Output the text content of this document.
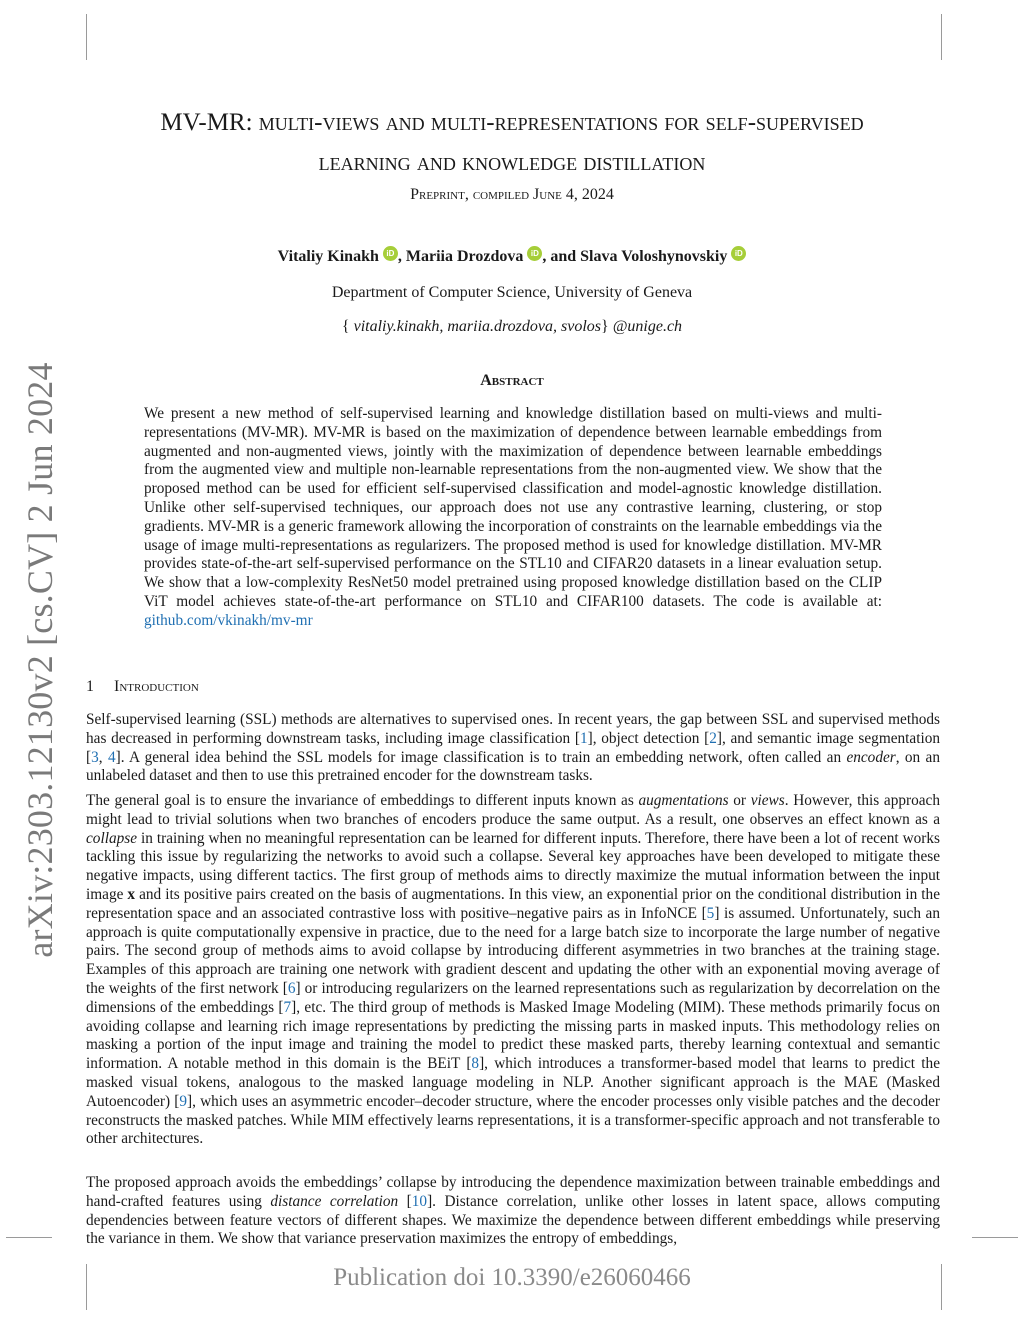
arXiv:2303.12130v2 [cs.CV] 2 Jun 2024
MV-MR: multi-views and multi-representations for self-supervised
learning and knowledge distillation
Preprint, compiled June 4, 2024
Vitaliy Kinakh iD , Mariia Drozdova iD , and Slava Voloshynovskiy iD
Department of Computer Science, University of Geneva
{ vitaliy.kinakh, mariia.drozdova, svolos} @unige.ch
Abstract
We present a new method of self-supervised learning and knowledge distillation based on multi-views and multi-representations (MV-MR). MV-MR is based on the maximization of dependence between learnable embeddings from augmented and non-augmented views, jointly with the maximization of dependence between learnable embeddings from the augmented view and multiple non-learnable representations from the non-augmented view. We show that the proposed method can be used for efficient self-supervised classification and model-agnostic knowledge distillation. Unlike other self-supervised techniques, our approach does not use any contrastive learning, clustering, or stop gradients. MV-MR is a generic framework allowing the incorporation of constraints on the learnable embeddings via the usage of image multi-representations as regularizers. The proposed method is used for knowledge distillation. MV-MR provides state-of-the-art self-supervised performance on the STL10 and CIFAR20 datasets in a linear evaluation setup. We show that a low-complexity ResNet50 model pretrained using proposed knowledge distillation based on the CLIP ViT model achieves state-of-the-art performance on STL10 and CIFAR100 datasets. The code is available at: github.com/vkinakh/mv-mr
1 Introduction

Self-supervised learning (SSL) methods are alternatives to supervised ones. In recent years, the gap between SSL and supervised methods has decreased in performing downstream tasks, including image classification [1], object detection [2], and semantic image segmentation [3, 4]. A general idea behind the SSL models for image classification is to train an embedding network, often called an encoder, on an unlabeled dataset and then to use this pretrained encoder for the downstream tasks.

The general goal is to ensure the invariance of embeddings to different inputs known as augmentations or views. However, this approach might lead to trivial solutions when two branches of encoders produce the same output. As a result, one observes an effect known as a collapse in training when no meaningful representation can be learned for different inputs. Therefore, there have been a lot of recent works tackling this issue by regularizing the networks to avoid such a collapse. Several key approaches have been developed to mitigate these negative impacts, using different tactics. The first group of methods aims to directly maximize the mutual information between the input image x and its positive pairs created on the basis of augmentations. In this view, an exponential prior on the conditional distribution in the representation space and an associated contrastive loss with positive–negative pairs as in InfoNCE [5] is assumed. Unfortunately, such an approach is quite computationally expensive in practice, due to the need for a large batch size to incorporate the large number of negative pairs. The second group of methods aims to avoid collapse by introducing different asymmetries in two branches at the training stage. Examples of this approach are training one network with gradient descent and updating the other with an exponential moving average of the weights of the first network [6] or introducing regularizers on the learned representations such as regularization by decorrelation on the dimensions of the embeddings [7], etc. The third group of methods is Masked Image Modeling (MIM). These methods primarily focus on avoiding collapse and learning rich image representations by predicting the missing parts in masked inputs. This methodology relies on masking a portion of the input image and training the model to predict these masked parts, thereby learning contextual and semantic information. A notable method in this domain is the BEiT [8], which introduces a transformer-based model that learns to predict the masked visual tokens, analogous to the masked language modeling in NLP. Another significant approach is the MAE (Masked Autoencoder) [9], which uses an asymmetric encoder–decoder structure, where the encoder processes only visible patches and the decoder reconstructs the masked patches. While MIM effectively learns representations, it is a transformer-specific approach and not transferable to other architectures.

The proposed approach avoids the embeddings’ collapse by introducing the dependence maximization between trainable embeddings and hand-crafted features using distance correlation [10]. Distance correlation, unlike other losses in latent space, allows computing dependencies between feature vectors of different shapes. We maximize the dependence between different embeddings while preserving the variance in them. We show that variance preservation maximizes the entropy of embeddings,

Publication doi 10.3390/e26060466
